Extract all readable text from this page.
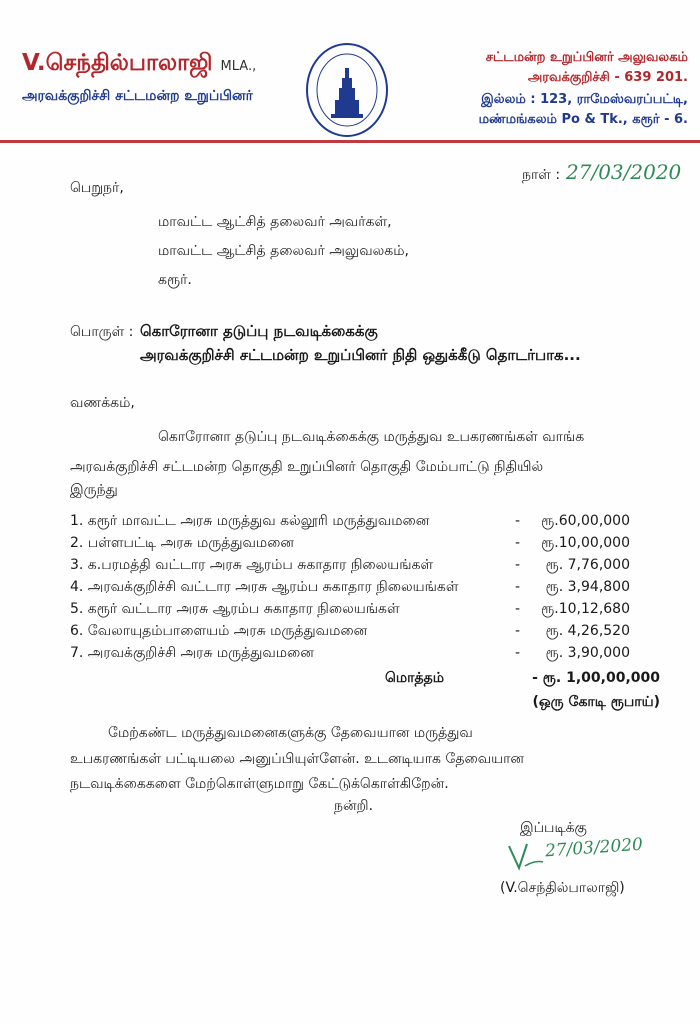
V.செந்தில்பாலாஜி MLA.,
அரவக்குறிச்சி சட்டமன்ற உறுப்பினர்
சட்டமன்ற உறுப்பினர் அலுவலகம்
அரவக்குறிச்சி - 639 201.
இல்லம் : 123, ராமேஸ்வரப்பட்டி,
மண்மங்கலம் Po & Tk., கரூர் - 6.
நாள் : 27/03/2020
பெறுநர்,
மாவட்ட ஆட்சித் தலைவர் அவர்கள்,
மாவட்ட ஆட்சித் தலைவர் அலுவலகம்,
கரூர்.
பொருள் : கொரோனா தடுப்பு நடவடிக்கைக்கு
அரவக்குறிச்சி சட்டமன்ற உறுப்பினர் நிதி ஒதுக்கீடு தொடர்பாக...
வணக்கம்,
கொரோனா தடுப்பு நடவடிக்கைக்கு மருத்துவ உபகரணங்கள் வாங்க
அரவக்குறிச்சி சட்டமன்ற தொகுதி உறுப்பினர் தொகுதி மேம்பாட்டு நிதியில்
இருந்து
1. கரூர் மாவட்ட அரசு மருத்துவ கல்லூரி மருத்துவமனை	- ரூ.60,00,000
2. பள்ளபட்டி அரசு மருத்துவமனை	- ரூ.10,00,000
3. க.பரமத்தி வட்டார அரசு ஆரம்ப சுகாதார நிலையங்கள்	- ரூ. 7,76,000
4. அரவக்குறிச்சி வட்டார அரசு ஆரம்ப சுகாதார நிலையங்கள்	- ரூ. 3,94,800
5. கரூர் வட்டார அரசு ஆரம்ப சுகாதார நிலையங்கள்	- ரூ.10,12,680
6. வேலாயுதம்பாளையம் அரசு மருத்துவமனை	- ரூ. 4,26,520
7. அரவக்குறிச்சி அரசு மருத்துவமனை	- ரூ. 3,90,000
மொத்தம்	- ரூ. 1,00,00,000
(ஒரு கோடி ரூபாய்)
மேற்கண்ட மருத்துவமனைகளுக்கு தேவையான மருத்துவ
உபகரணங்கள் பட்டியலை அனுப்பியுள்ளேன். உடனடியாக தேவையான
நடவடிக்கைகளை மேற்கொள்ளுமாறு கேட்டுக்கொள்கிறேன்.
நன்றி.
இப்படிக்கு
27/03/2020
(V.செந்தில்பாலாஜி)
